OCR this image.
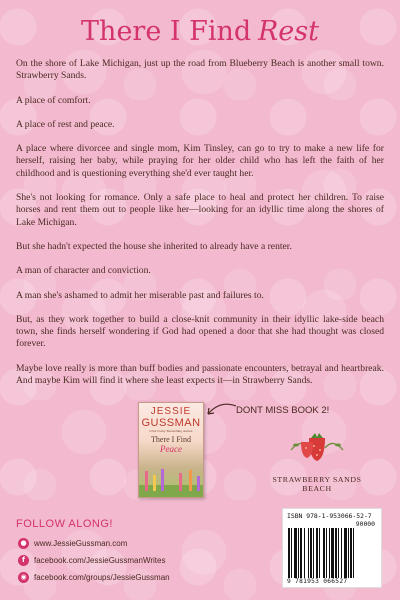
There I Find Rest

On the shore of Lake Michigan, just up the road from Blueberry Beach is another small town. Strawberry Sands.

A place of comfort.

A place of rest and peace.

A place where divorcee and single mom, Kim Tinsley, can go to try to make a new life for herself, raising her baby, while praying for her older child who has left the faith of her childhood and is questioning everything she'd ever taught her.

She's not looking for romance. Only a safe place to heal and protect her children. To raise horses and rent them out to people like her—looking for an idyllic time along the shores of Lake Michigan.

But she hadn't expected the house she inherited to already have a renter.

A man of character and conviction.

A man she's ashamed to admit her miserable past and failures to.

But, as they work together to build a close-knit community in their idyllic lake-side beach town, she finds herself wondering if God had opened a door that she had thought was closed forever.

Maybe love really is more than buff bodies and passionate encounters, betrayal and heartbreak. And maybe Kim will find it where she least expects it—in Strawberry Sands.

JESSIE
GUSSMAN
USA Today Bestselling Author
There I Find
Peace
DONT MISS BOOK 2!
STRAWBERRY SANDS BEACH
FOLLOW ALONG!
● www.JessieGussman.com
f	facebook.com/JessieGussmanWrites
◉ facebook.com/groups/JessieGussman
ISBN 978-1-953066-52-7
90000
9 781953 066527
